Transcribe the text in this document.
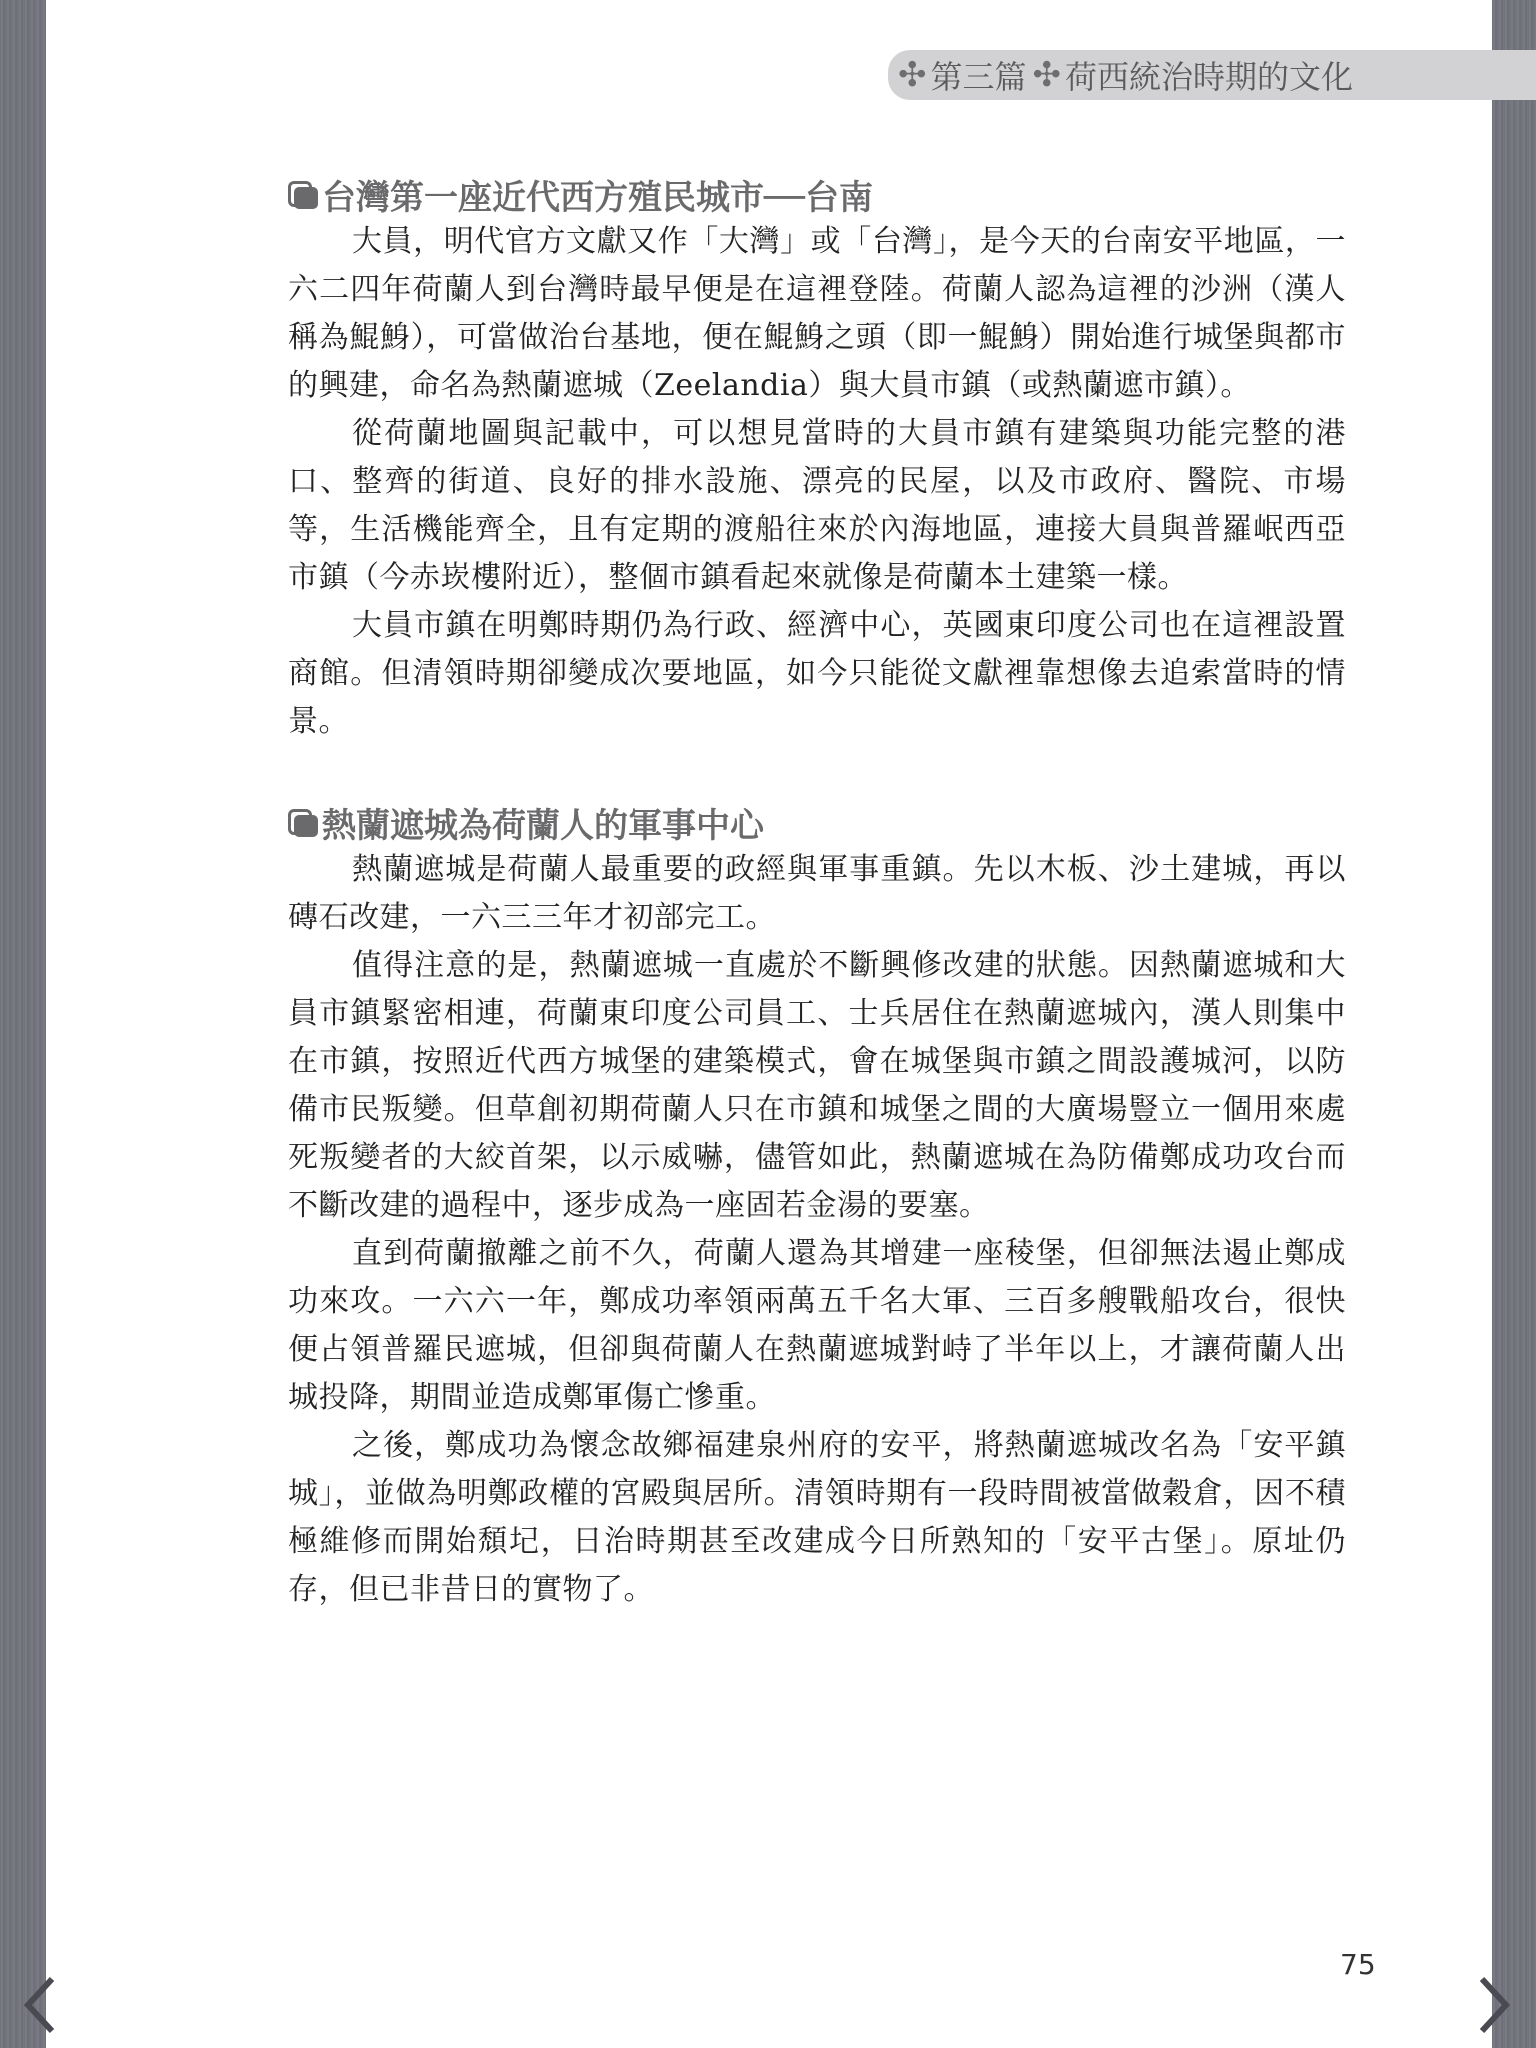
✣ 第三篇 ✣ 荷西統治時期的文化
台灣第一座近代西方殖民城市──台南

大員，明代官方文獻又作「大灣」或「台灣」，是今天的台南安平地區，一六二四年荷蘭人到台灣時最早便是在這裡登陸。荷蘭人認為這裡的沙洲（漢人稱為鯤鯓），可當做治台基地，便在鯤鯓之頭（即一鯤鯓）開始進行城堡與都市的興建，命名為熱蘭遮城（Zeelandia）與大員市鎮（或熱蘭遮市鎮）。

從荷蘭地圖與記載中，可以想見當時的大員市鎮有建築與功能完整的港口、整齊的街道、良好的排水設施、漂亮的民屋，以及市政府、醫院、市場等，生活機能齊全，且有定期的渡船往來於內海地區，連接大員與普羅岷西亞市鎮（今赤崁樓附近），整個市鎮看起來就像是荷蘭本土建築一樣。

大員市鎮在明鄭時期仍為行政、經濟中心，英國東印度公司也在這裡設置商館。但清領時期卻變成次要地區，如今只能從文獻裡靠想像去追索當時的情景。

熱蘭遮城為荷蘭人的軍事中心

熱蘭遮城是荷蘭人最重要的政經與軍事重鎮。先以木板、沙土建城，再以磚石改建，一六三三年才初部完工。

值得注意的是，熱蘭遮城一直處於不斷興修改建的狀態。因熱蘭遮城和大員市鎮緊密相連，荷蘭東印度公司員工、士兵居住在熱蘭遮城內，漢人則集中在市鎮，按照近代西方城堡的建築模式，會在城堡與市鎮之間設護城河，以防備市民叛變。但草創初期荷蘭人只在市鎮和城堡之間的大廣場豎立一個用來處死叛變者的大絞首架，以示威嚇，儘管如此，熱蘭遮城在為防備鄭成功攻台而不斷改建的過程中，逐步成為一座固若金湯的要塞。

直到荷蘭撤離之前不久，荷蘭人還為其增建一座稜堡，但卻無法遏止鄭成功來攻。一六六一年，鄭成功率領兩萬五千名大軍、三百多艘戰船攻台，很快便占領普羅民遮城，但卻與荷蘭人在熱蘭遮城對峙了半年以上，才讓荷蘭人出城投降，期間並造成鄭軍傷亡慘重。

之後，鄭成功為懷念故鄉福建泉州府的安平，將熱蘭遮城改名為「安平鎮城」，並做為明鄭政權的宮殿與居所。清領時期有一段時間被當做穀倉，因不積極維修而開始頹圮，日治時期甚至改建成今日所熟知的「安平古堡」。原址仍存，但已非昔日的實物了。

75
